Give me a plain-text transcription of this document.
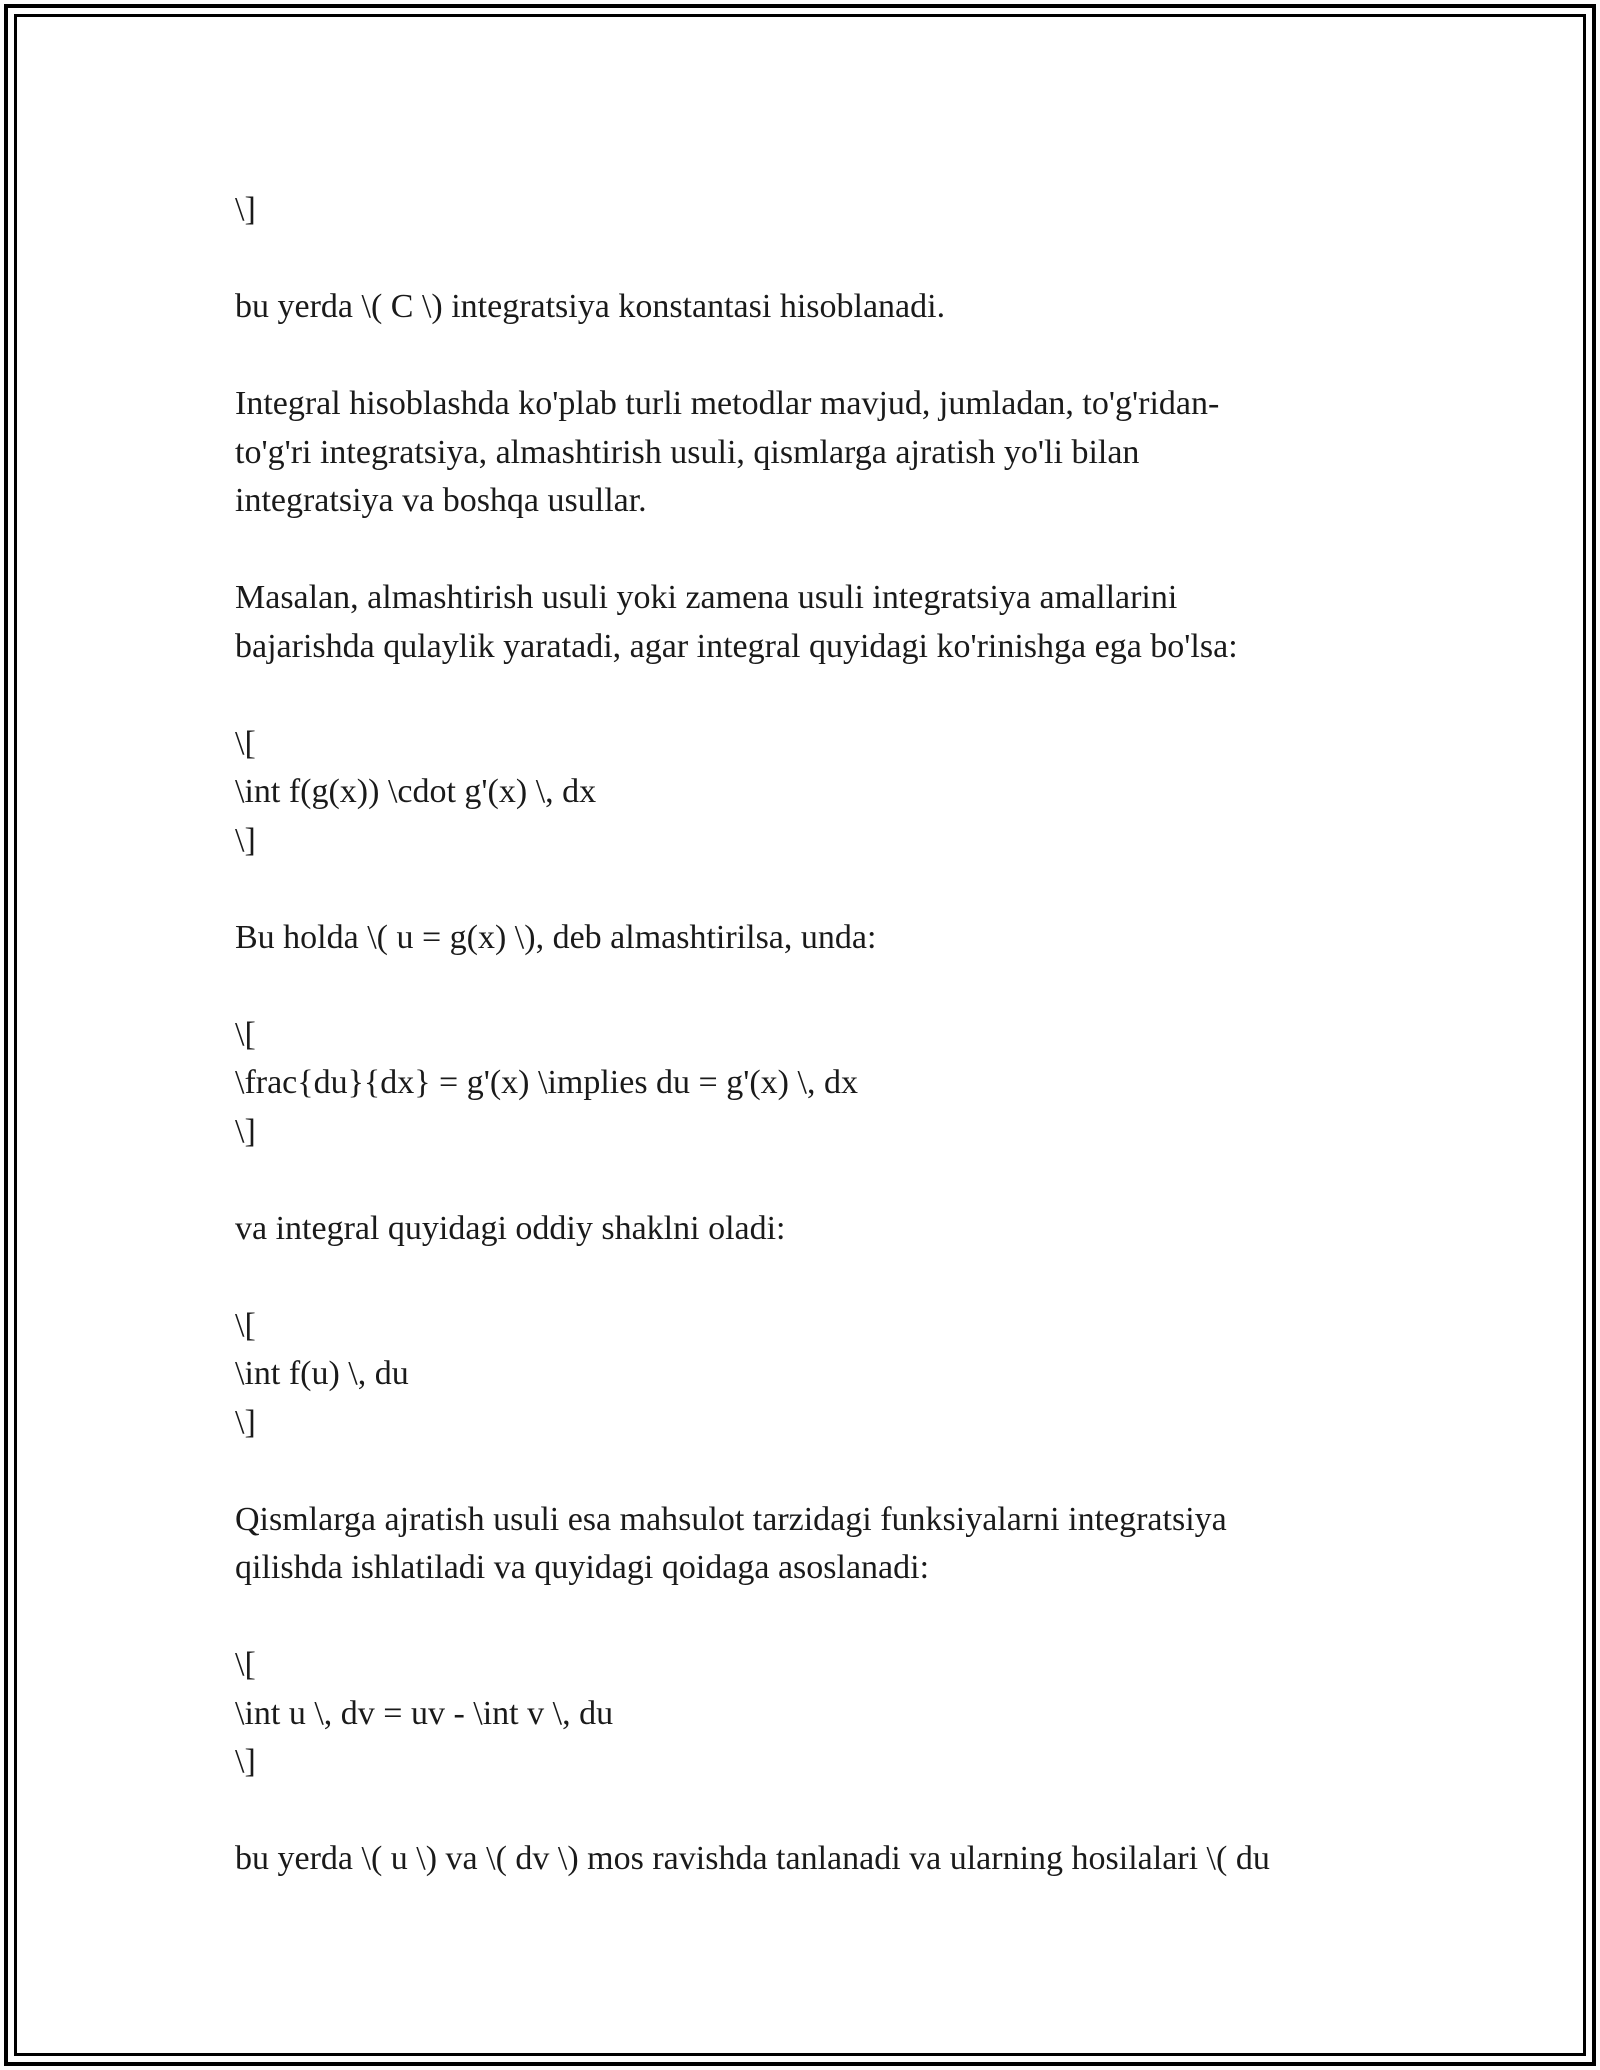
\]
bu yerda \( C \) integratsiya konstantasi hisoblanadi.
Integral hisoblashda ko'plab turli metodlar mavjud, jumladan, to'g'ridan-
to'g'ri integratsiya, almashtirish usuli, qismlarga ajratish yo'li bilan
integratsiya va boshqa usullar.
Masalan, almashtirish usuli yoki zamena usuli integratsiya amallarini
bajarishda qulaylik yaratadi, agar integral quyidagi ko'rinishga ega bo'lsa:
\[
\int f(g(x)) \cdot g'(x) \, dx
\]
Bu holda \( u = g(x) \), deb almashtirilsa, unda:
\[
\frac{du}{dx} = g'(x) \implies du = g'(x) \, dx
\]
va integral quyidagi oddiy shaklni oladi:
\[
\int f(u) \, du
\]
Qismlarga ajratish usuli esa mahsulot tarzidagi funksiyalarni integratsiya
qilishda ishlatiladi va quyidagi qoidaga asoslanadi:
\[
\int u \, dv = uv - \int v \, du
\]
bu yerda \( u \) va \( dv \) mos ravishda tanlanadi va ularning hosilalari \( du
